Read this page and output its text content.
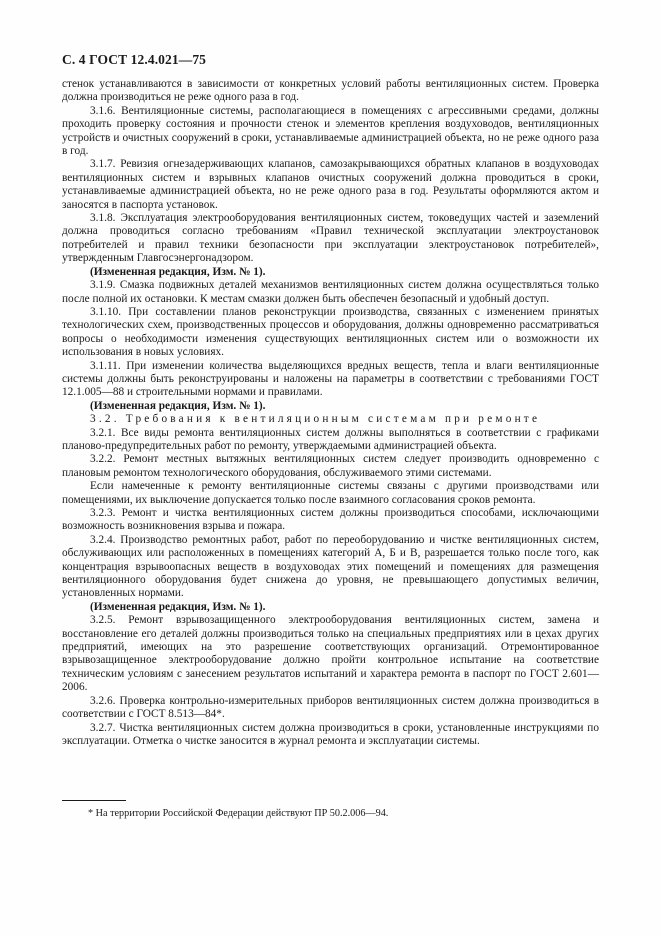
С. 4 ГОСТ 12.4.021—75

стенок устанавливаются в зависимости от конкретных условий работы вентиляционных систем. Проверка должна производиться не реже одного раза в год.

3.1.6. Вентиляционные системы, располагающиеся в помещениях с агрессивными средами, должны проходить проверку состояния и прочности стенок и элементов крепления воздуховодов, вентиляционных устройств и очистных сооружений в сроки, устанавливаемые администрацией объекта, но не реже одного раза в год.

3.1.7. Ревизия огнезадерживающих клапанов, самозакрывающихся обратных клапанов в воздуховодах вентиляционных систем и взрывных клапанов очистных сооружений должна проводиться в сроки, устанавливаемые администрацией объекта, но не реже одного раза в год. Результаты оформляются актом и заносятся в паспорта установок.

3.1.8. Эксплуатация электрооборудования вентиляционных систем, токоведущих частей и заземлений должна проводиться согласно требованиям «Правил технической эксплуатации электроустановок потребителей и правил техники безопасности при эксплуатации электроустановок потребителей», утвержденным Главгосэнергонадзором.

(Измененная редакция, Изм. № 1).

3.1.9. Смазка подвижных деталей механизмов вентиляционных систем должна осуществляться только после полной их остановки. К местам смазки должен быть обеспечен безопасный и удобный доступ.

3.1.10. При составлении планов реконструкции производства, связанных с изменением принятых технологических схем, производственных процессов и оборудования, должны одновременно рассматриваться вопросы о необходимости изменения существующих вентиляционных систем или о возможности их использования в новых условиях.

3.1.11. При изменении количества выделяющихся вредных веществ, тепла и влаги вентиляционные системы должны быть реконструированы и наложены на параметры в соответствии с требованиями ГОСТ 12.1.005—88 и строительными нормами и правилами.

(Измененная редакция, Изм. № 1).

3.2. Требования к вентиляционным системам при ремонте

3.2.1. Все виды ремонта вентиляционных систем должны выполняться в соответствии с графиками планово-предупредительных работ по ремонту, утверждаемыми администрацией объекта.

3.2.2. Ремонт местных вытяжных вентиляционных систем следует производить одновременно с плановым ремонтом технологического оборудования, обслуживаемого этими системами.

Если намеченные к ремонту вентиляционные системы связаны с другими производствами или помещениями, их выключение допускается только после взаимного согласования сроков ремонта.

3.2.3. Ремонт и чистка вентиляционных систем должны производиться способами, исключающими возможность возникновения взрыва и пожара.

3.2.4. Производство ремонтных работ, работ по переоборудованию и чистке вентиляционных систем, обслуживающих или расположенных в помещениях категорий А, Б и В, разрешается только после того, как концентрация взрывоопасных веществ в воздуховодах этих помещений и помещениях для размещения вентиляционного оборудования будет снижена до уровня, не превышающего допустимых величин, установленных нормами.

(Измененная редакция, Изм. № 1).

3.2.5. Ремонт взрывозащищенного электрооборудования вентиляционных систем, замена и восстановление его деталей должны производиться только на специальных предприятиях или в цехах других предприятий, имеющих на это разрешение соответствующих организаций. Отремонтированное взрывозащищенное электрооборудование должно пройти контрольное испытание на соответствие техническим условиям с занесением результатов испытаний и характера ремонта в паспорт по ГОСТ 2.601—2006.

3.2.6. Проверка контрольно-измерительных приборов вентиляционных систем должна производиться в соответствии с ГОСТ 8.513—84*.

3.2.7. Чистка вентиляционных систем должна производиться в сроки, установленные инструкциями по эксплуатации. Отметка о чистке заносится в журнал ремонта и эксплуатации системы.

* На территории Российской Федерации действуют ПР 50.2.006—94.
